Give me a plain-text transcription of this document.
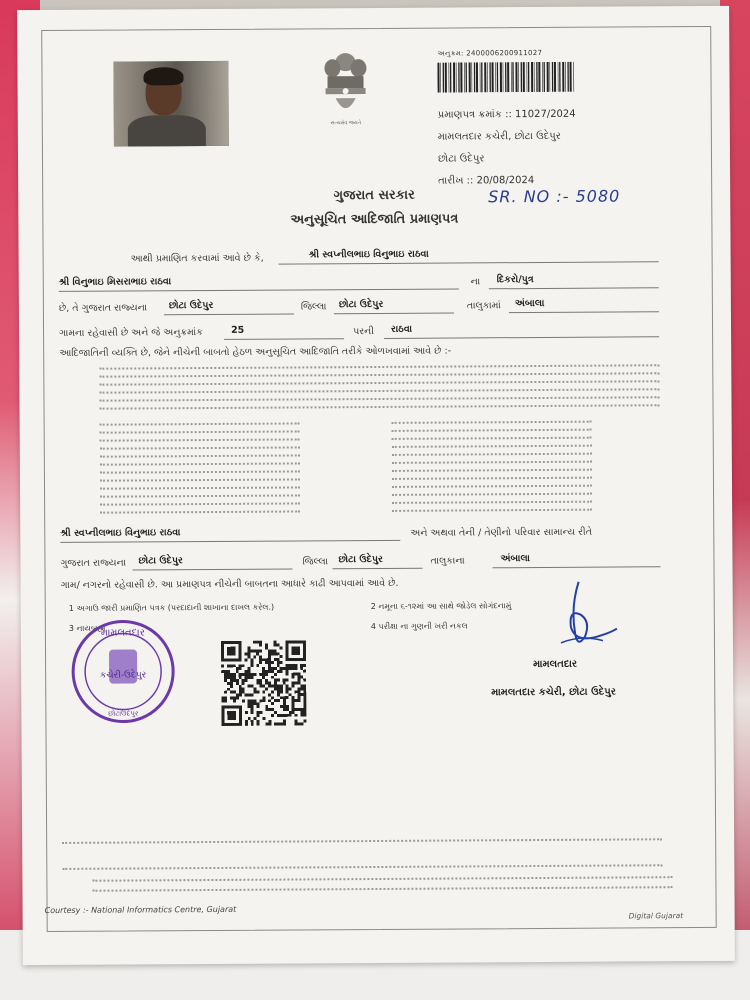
સત્યમેવ જયતે
અનુક્રમ: 2400006200911027
પ્રમાણપત્ર ક્રમાંક :: 11027/2024
મામલતદાર કચેરી, છોટા ઉદેપુર
છોટા ઉદેપુર
તારીખ :: 20/08/2024
ગુજરાત સરકાર
અનુસૂચિત આદિજાતિ પ્રમાણપત્ર
SR. NO :- 5080
આથી પ્રમાણિત કરવામાં આવે છે કે,	શ્રી સ્વપ્નીલભાઇ વિનુભાઇ રાઠવા
શ્રી વિનુભાઇ મિસરાભાઇ રાઠવા	ના દિકરો/પુત્ર
છે, તે ગુજરાત રાજ્યના છોટા ઉદેપુર	જિલ્લા છોટા ઉદેપુર	તાલુકામાં અંબાલા
ગામના રહેવાસી છે અને જે અનુક્રમાંક	25	પરની રાઠવા
આદિજાતિની વ્યક્તિ છે, જેને નીચેની બાબતો હેઠળ અનુસૂચિત આદિજાતિ તરીકે ઓળખવામાં આવે છે :-
શ્રી સ્વપ્નીલભાઇ વિનુભાઇ રાઠવા	અને અથવા તેની / તેણીનો પરિવાર સામાન્ય રીતે
ગુજરાત રાજ્યના છોટા ઉદેપુર	જિલ્લા છોટા ઉદેપુર	તાલુકાના	અંબાલા
ગામ/ નગરનો રહેવાસી છે. આ પ્રમાણપત્ર નીચેની બાબતના આધારે કાઢી આપવામાં આવે છે.
1 અગાઉ જારી પ્રમાણિત પત્રક (પરદાદાની શાખાના દાખલ કરેલ.)	2 નમૂના ૬-૧૨માં આ સાથે જોડેલ સોગંદનામું
3 નાયબ્રહ્મ	4 પરીક્ષા ના ગુણની ખરી નકલ
મામલતદાર
કચેરી-ઉદેપુર
છોટાઉદેપુર
મામલતદાર
મામલતદાર કચેરી, છોટા ઉદેપુર
Courtesy :- National Informatics Centre, Gujarat
Digital Gujarat
